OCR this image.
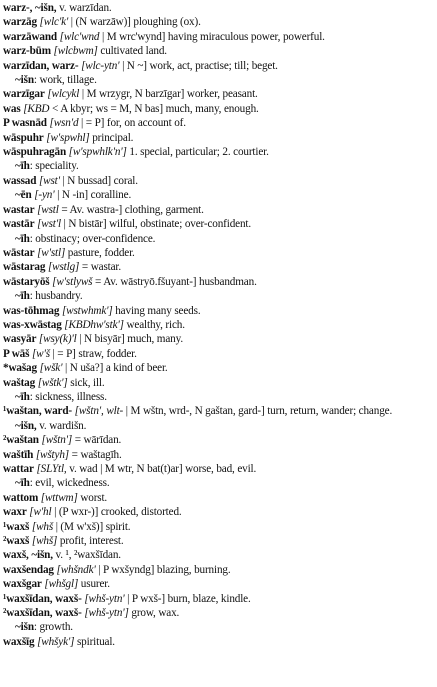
warz-, ~išn, v. warzīdan.

warzāg [wlc'k' | (N warzāw)] ploughing (ox).

warzāwand [wlc'wnd | M wrc'wynd] having miraculous power, powerful.

warz-būm [wlcbwm] cultivated land.

warzīdan, warz- [wlc-ytn' | N ~] work, act, practise; till; beget.

~išn: work, tillage.

warzīgar [wlcykl | M wrzygr, N barzīgar] worker, peasant.

was [KBD < A kbyr; ws = M, N bas] much, many, enough.

P wasnād [wsn'd | = P] for, on account of.

wāspuhr [w'spwhl] principal.

wāspuhragān [w'spwhlk'n'] 1. special, particular; 2. courtier.

~īh: speciality.

wassad [wst' | N bussad] coral.

~ēn [-yn' | N -in] coralline.

wastar [wstl = Av. wastra-] clothing, garment.

wastār [wst'l | N bistār] wilful, obstinate; over-confident.

~īh: obstinacy; over-confidence.

wāstar [w'stl] pasture, fodder.

wāstarag [wstlg] = wastar.

wāstaryōš [w'stlywš = Av. wāstryō.fšuyant-] husbandman.

~īh: husbandry.

was-tōhmag [wstwhmk'] having many seeds.

was-xwāstag [KBDhw'stk'] wealthy, rich.

wasyār [wsy(k)'l | N bisyār] much, many.

P wāš [w'š | = P] straw, fodder.

*wašag [wšk' | N uša?] a kind of beer.

waštag [wštk'] sick, ill.

~īh: sickness, illness.

¹waštan, ward- [wštn', wlt- | M wštn, wrd-, N gaštan, gard-] turn, return, wander; change.

~išn, v. wardišn.

²waštan [wštn'] = wārīdan.

waštīh [wštyh] = waštagīh.

wattar [SLYtl, v. wad | M wtr, N bat(t)ar] worse, bad, evil.

~īh: evil, wickedness.

wattom [wttwm] worst.

waxr [w'hl | (P wxr-)] crooked, distorted.

¹waxš [whš | (M w'xš)] spirit.

²waxš [whš] profit, interest.

waxš, ~išn, v. ¹, ²waxšīdan.

waxšendag [whšndk' | P wxšyndg] blazing, burning.

waxšgar [whšgl] usurer.

¹waxšīdan, waxš- [whš-ytn' | P wxš-] burn, blaze, kindle.

²waxšīdan, waxš- [whš-ytn'] grow, wax.

~išn: growth.

waxšīg [whšyk'] spiritual.
